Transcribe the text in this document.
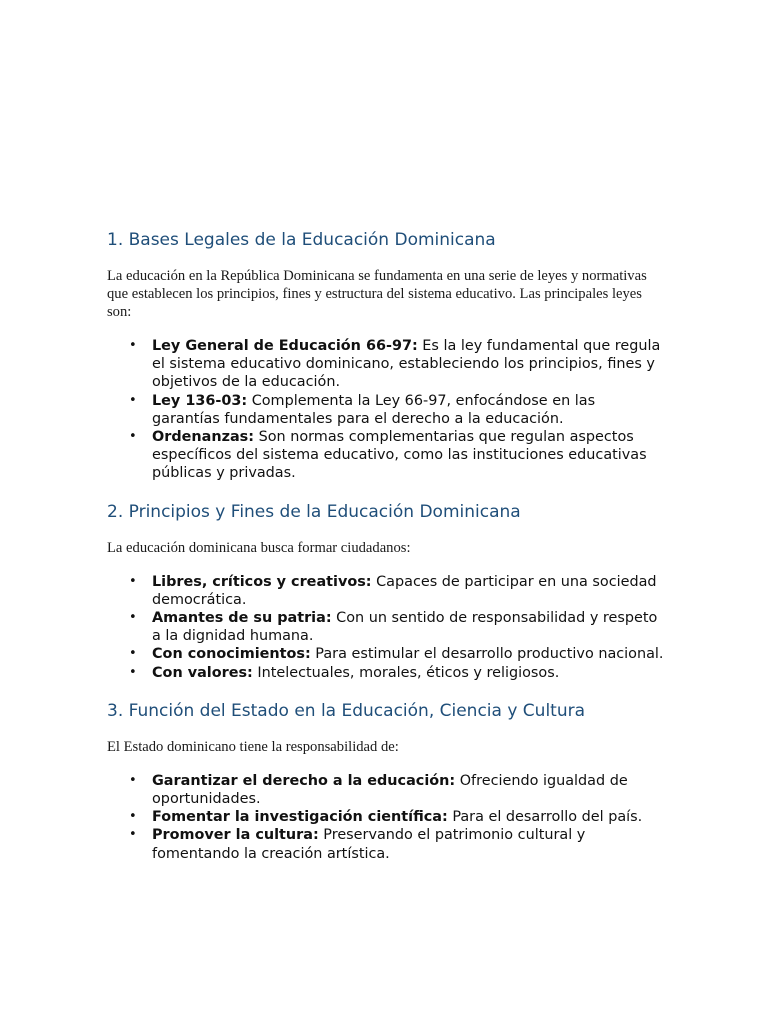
1. Bases Legales de la Educación Dominicana

La educación en la República Dominicana se fundamenta en una serie de leyes y normativas que establecen los principios, fines y estructura del sistema educativo. Las principales leyes son:

• Ley General de Educación 66-97: Es la ley fundamental que regula el sistema educativo dominicano, estableciendo los principios, fines y objetivos de la educación.
• Ley 136-03: Complementa la Ley 66-97, enfocándose en las garantías fundamentales para el derecho a la educación.
• Ordenanzas: Son normas complementarias que regulan aspectos específicos del sistema educativo, como las instituciones educativas públicas y privadas.
2. Principios y Fines de la Educación Dominicana

La educación dominicana busca formar ciudadanos:

• Libres, críticos y creativos: Capaces de participar en una sociedad democrática.
• Amantes de su patria: Con un sentido de responsabilidad y respeto a la dignidad humana.
• Con conocimientos: Para estimular el desarrollo productivo nacional.
• Con valores: Intelectuales, morales, éticos y religiosos.
3. Función del Estado en la Educación, Ciencia y Cultura

El Estado dominicano tiene la responsabilidad de:

• Garantizar el derecho a la educación: Ofreciendo igualdad de oportunidades.
• Fomentar la investigación científica: Para el desarrollo del país.
• Promover la cultura: Preservando el patrimonio cultural y fomentando la creación artística.
